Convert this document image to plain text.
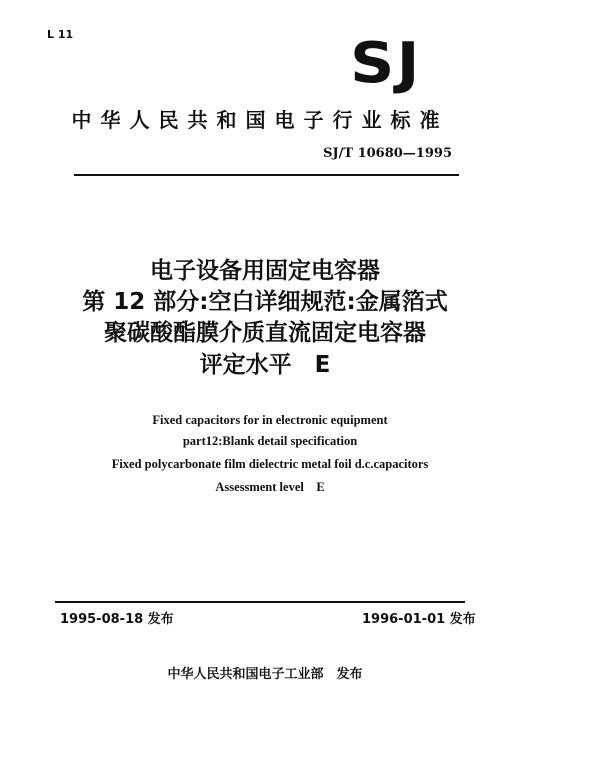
L 11	SJ
中华人民共和国电子行业标准
SJ/T 10680—1995
电子设备用固定电容器
第 12 部分:空白详细规范:金属箔式
聚碳酸酯膜介质直流固定电容器
评定水平　E
Fixed capacitors for in electronic equipment
part12:Blank detail specification
Fixed polycarbonate film dielectric metal foil d.c.capacitors
Assessment level　E
1995-08-18 发布	1996-01-01 发布
中华人民共和国电子工业部　发布
